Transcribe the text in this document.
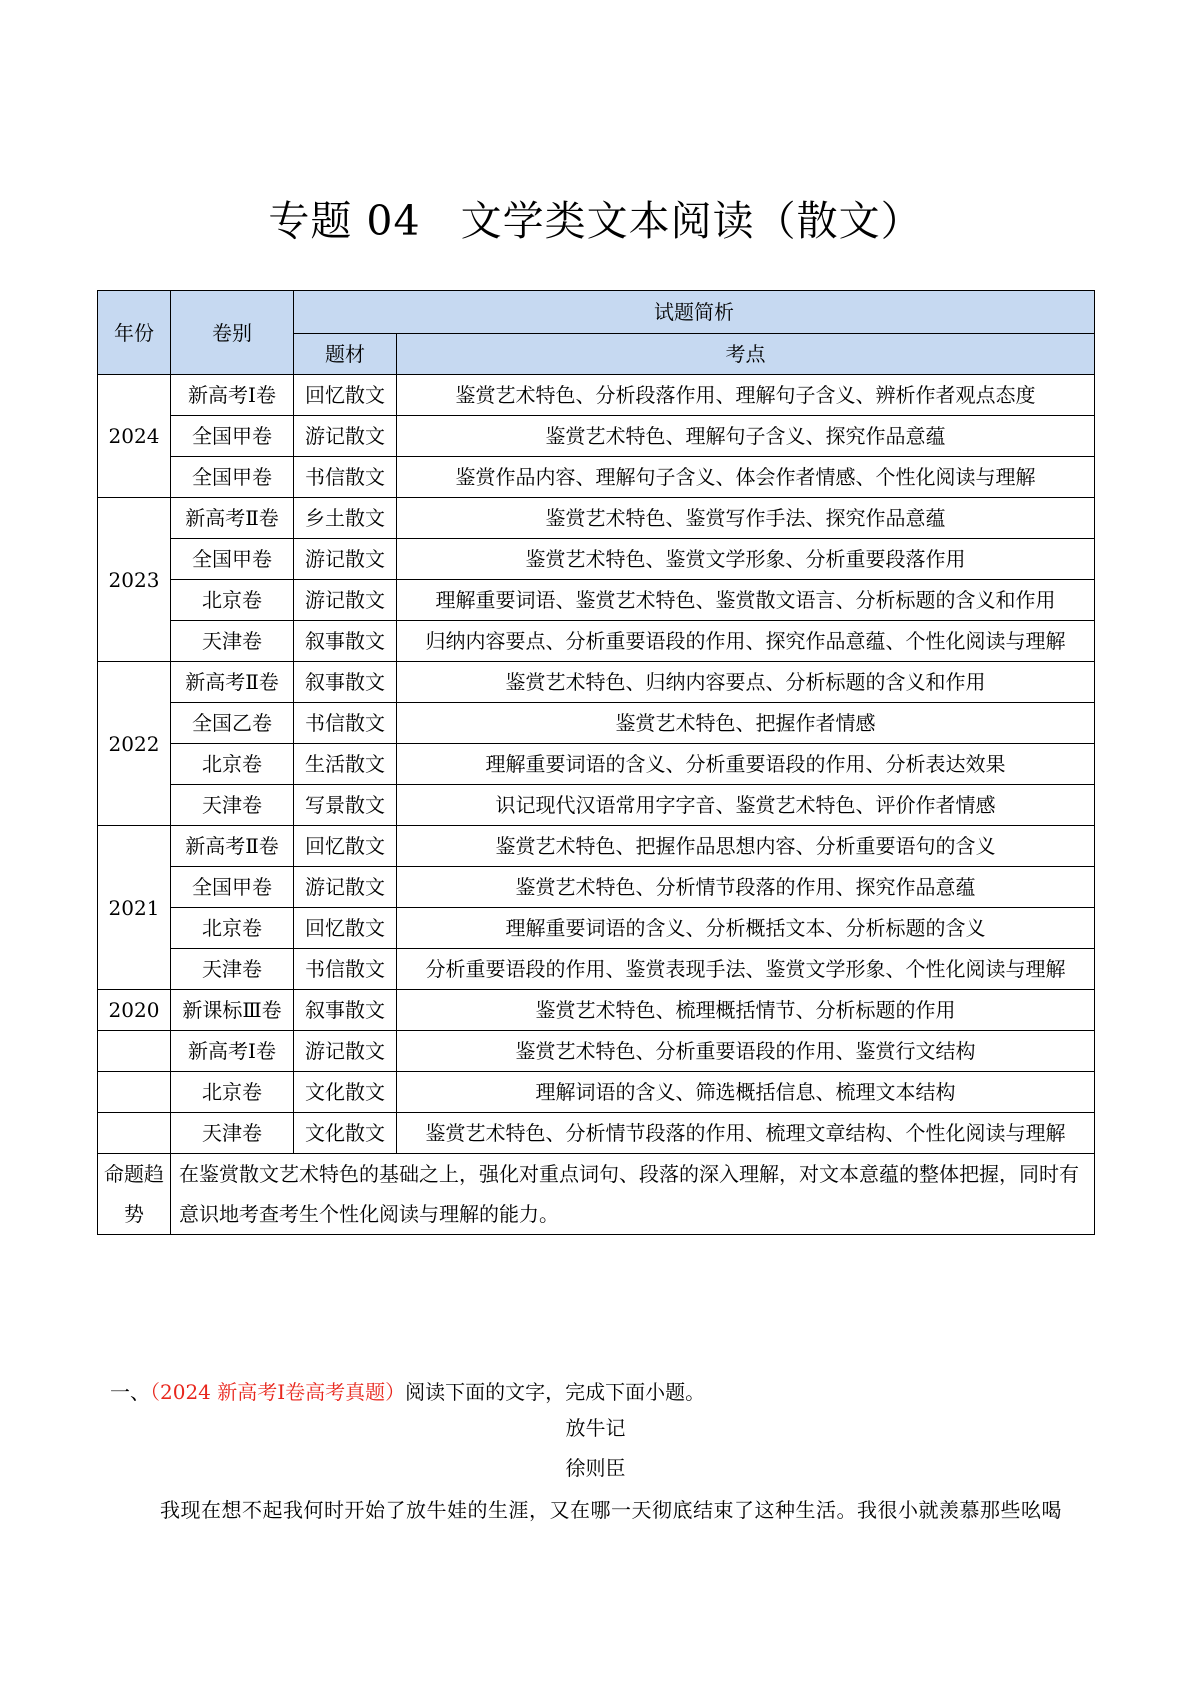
专题 04 文学类文本阅读（散文）
年份	卷别	试题简析	
		题材	考点
2024	新高考Ⅰ卷	回忆散文	鉴赏艺术特色、分析段落作用、理解句子含义、辨析作者观点态度
	全国甲卷	游记散文	鉴赏艺术特色、理解句子含义、探究作品意蕴
	全国甲卷	书信散文	鉴赏作品内容、理解句子含义、体会作者情感、个性化阅读与理解
2023	新高考Ⅱ卷	乡土散文	鉴赏艺术特色、鉴赏写作手法、探究作品意蕴
	全国甲卷	游记散文	鉴赏艺术特色、鉴赏文学形象、分析重要段落作用
	北京卷	游记散文	理解重要词语、鉴赏艺术特色、鉴赏散文语言、分析标题的含义和作用
	天津卷	叙事散文	归纳内容要点、分析重要语段的作用、探究作品意蕴、个性化阅读与理解
2022	新高考Ⅱ卷	叙事散文	鉴赏艺术特色、归纳内容要点、分析标题的含义和作用
	全国乙卷	书信散文	鉴赏艺术特色、把握作者情感
	北京卷	生活散文	理解重要词语的含义、分析重要语段的作用、分析表达效果
	天津卷	写景散文	识记现代汉语常用字字音、鉴赏艺术特色、评价作者情感
2021	新高考Ⅱ卷	回忆散文	鉴赏艺术特色、把握作品思想内容、分析重要语句的含义
	全国甲卷	游记散文	鉴赏艺术特色、分析情节段落的作用、探究作品意蕴
	北京卷	回忆散文	理解重要词语的含义、分析概括文本、分析标题的含义
	天津卷	书信散文	分析重要语段的作用、鉴赏表现手法、鉴赏文学形象、个性化阅读与理解
2020	新课标Ⅲ卷	叙事散文	鉴赏艺术特色、梳理概括情节、分析标题的作用
	新高考Ⅰ卷	游记散文	鉴赏艺术特色、分析重要语段的作用、鉴赏行文结构
	北京卷	文化散文	理解词语的含义、筛选概括信息、梳理文本结构
	天津卷	文化散文	鉴赏艺术特色、分析情节段落的作用、梳理文章结构、个性化阅读与理解
命题趋势	在鉴赏散文艺术特色的基础之上，强化对重点词句、段落的深入理解，对文本意蕴的整体把握，同时有意识地考查考生个性化阅读与理解的能力。		
一、（2024 新高考Ⅰ卷高考真题）阅读下面的文字，完成下面小题。
放牛记
徐则臣
我现在想不起我何时开始了放牛娃的生涯，又在哪一天彻底结束了这种生活。我很小就羡慕那些吆喝
